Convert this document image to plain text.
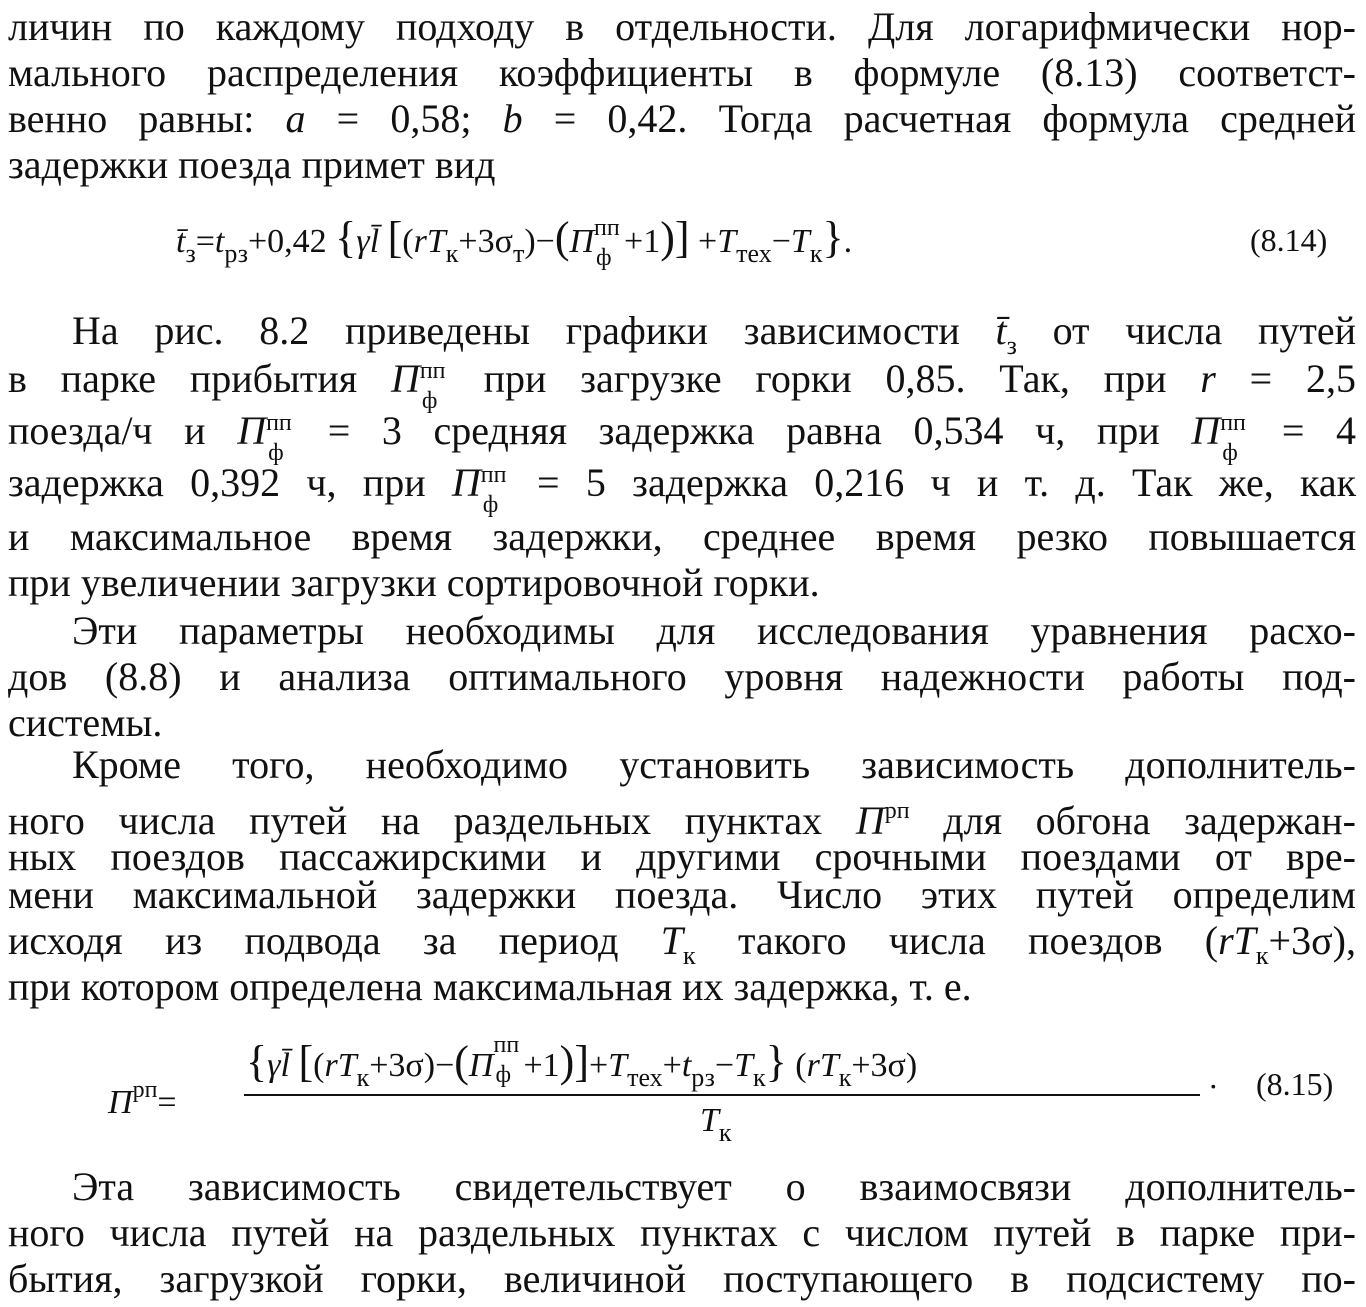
личин по каждому подходу в отдельности. Для логарифмически нор-
мального распределения коэффициенты в формуле (8.13) соответст-
венно равны: a = 0,58; b = 0,42. Тогда расчетная формула средней
задержки поезда примет вид
$t̄_з=t_{рз}+0,42$ {γl̄ [$(rT_к+3\sigma_т)-(П$ пп
$ф +1)] +T_{тех}-T_к$}.	(8.14)
На рис. 8.2 приведены графики зависимости $t̄_з$ от числа путей
в парке прибытия П пп
ф при загрузке горки 0,85. Так, при r = 2,5
поезда/ч и П пп
ф = 3 средняя задержка равна 0,534 ч, при П пп
ф = 4
задержка 0,392 ч, при П пп
ф = 5 задержка 0,216 ч и т. д. Так же, как
и максимальное время задержки, среднее время резко повышается
при увеличении загрузки сортировочной горки.
Эти параметры необходимы для исследования уравнения расхо-
дов (8.8) и анализа оптимального уровня надежности работы под-
системы.
Кроме того, необходимо установить зависимость дополнитель-
ного числа путей на раздельных пунктах $П^{рп}$ для обгона задержан-
ных поездов пассажирскими и другими срочными поездами от вре-
мени максимальной задержки поезда. Число этих путей определим
исходя из подвода за период $T_к$ такого числа поездов $(rT_к+3\sigma)$,
при котором определена максимальная их задержка, т. е.
$П^{рп}=$
{γl̄ [$(rT_к+3\sigma)-(П$
пп
$ф +1)]+T_{тех}+t_{рз}-T_к$} $(rT_к+3\sigma)$
$T_к$
· (8.15)
Эта зависимость свидетельствует о взаимосвязи дополнитель-
ного числа путей на раздельных пунктах с числом путей в парке при-
бытия, загрузкой горки, величиной поступающего в подсистему по-
